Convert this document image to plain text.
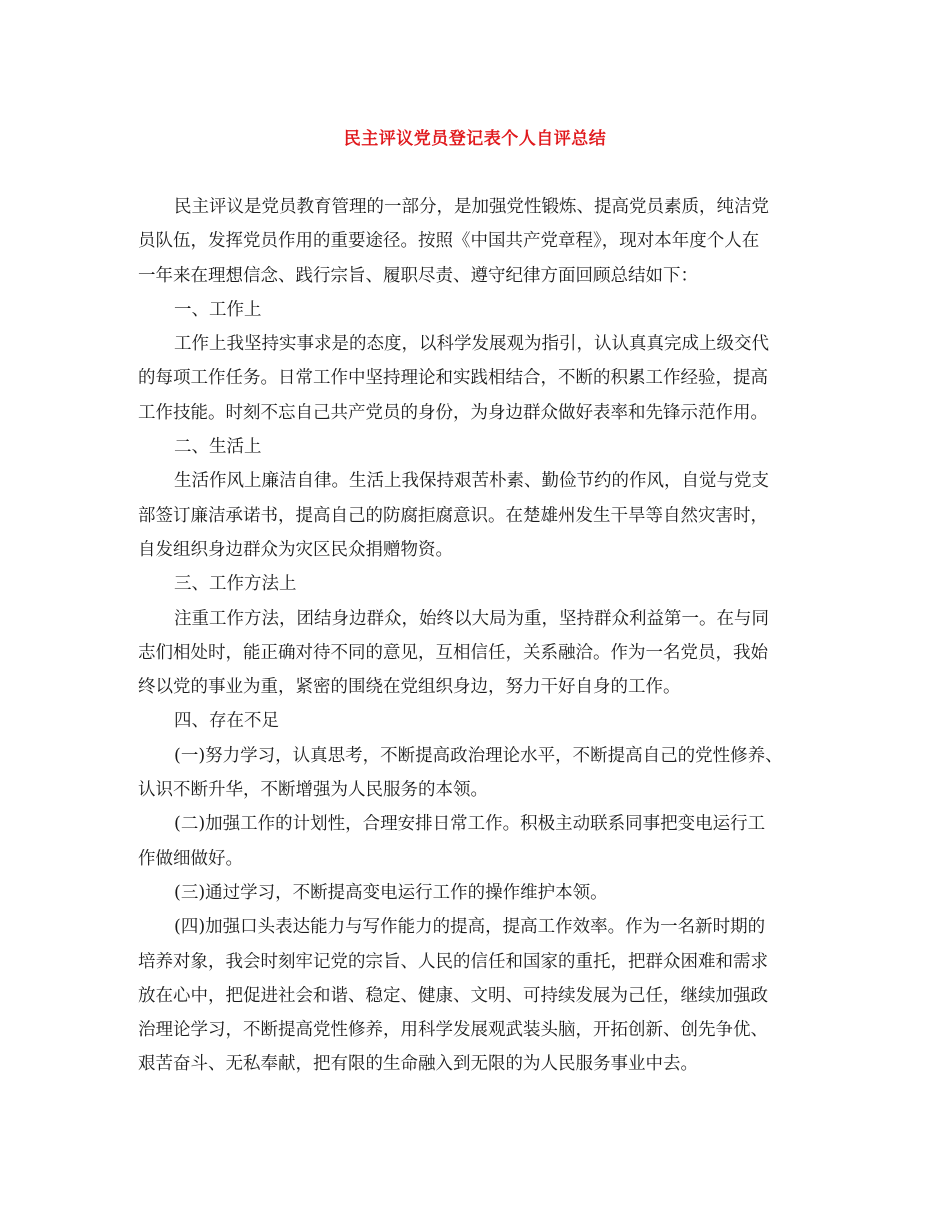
民主评议党员登记表个人自评总结
民主评议是党员教育管理的一部分，是加强党性锻炼、提高党员素质，纯洁党
员队伍，发挥党员作用的重要途径。按照《中国共产党章程》，现对本年度个人在
一年来在理想信念、践行宗旨、履职尽责、遵守纪律方面回顾总结如下：
一、工作上
工作上我坚持实事求是的态度，以科学发展观为指引，认认真真完成上级交代
的每项工作任务。日常工作中坚持理论和实践相结合，不断的积累工作经验，提高
工作技能。时刻不忘自己共产党员的身份，为身边群众做好表率和先锋示范作用。
二、生活上
生活作风上廉洁自律。生活上我保持艰苦朴素、勤俭节约的作风，自觉与党支
部签订廉洁承诺书，提高自己的防腐拒腐意识。在楚雄州发生干旱等自然灾害时，
自发组织身边群众为灾区民众捐赠物资。
三、工作方法上
注重工作方法，团结身边群众，始终以大局为重，坚持群众利益第一。在与同
志们相处时，能正确对待不同的意见，互相信任，关系融洽。作为一名党员，我始
终以党的事业为重，紧密的围绕在党组织身边，努力干好自身的工作。
四、存在不足
(一)努力学习，认真思考，不断提高政治理论水平，不断提高自己的党性修养、
认识不断升华，不断增强为人民服务的本领。
(二)加强工作的计划性，合理安排日常工作。积极主动联系同事把变电运行工
作做细做好。
(三)通过学习，不断提高变电运行工作的操作维护本领。
(四)加强口头表达能力与写作能力的提高，提高工作效率。作为一名新时期的
培养对象，我会时刻牢记党的宗旨、人民的信任和国家的重托，把群众困难和需求
放在心中，把促进社会和谐、稳定、健康、文明、可持续发展为己任，继续加强政
治理论学习，不断提高党性修养，用科学发展观武装头脑，开拓创新、创先争优、
艰苦奋斗、无私奉献，把有限的生命融入到无限的为人民服务事业中去。
